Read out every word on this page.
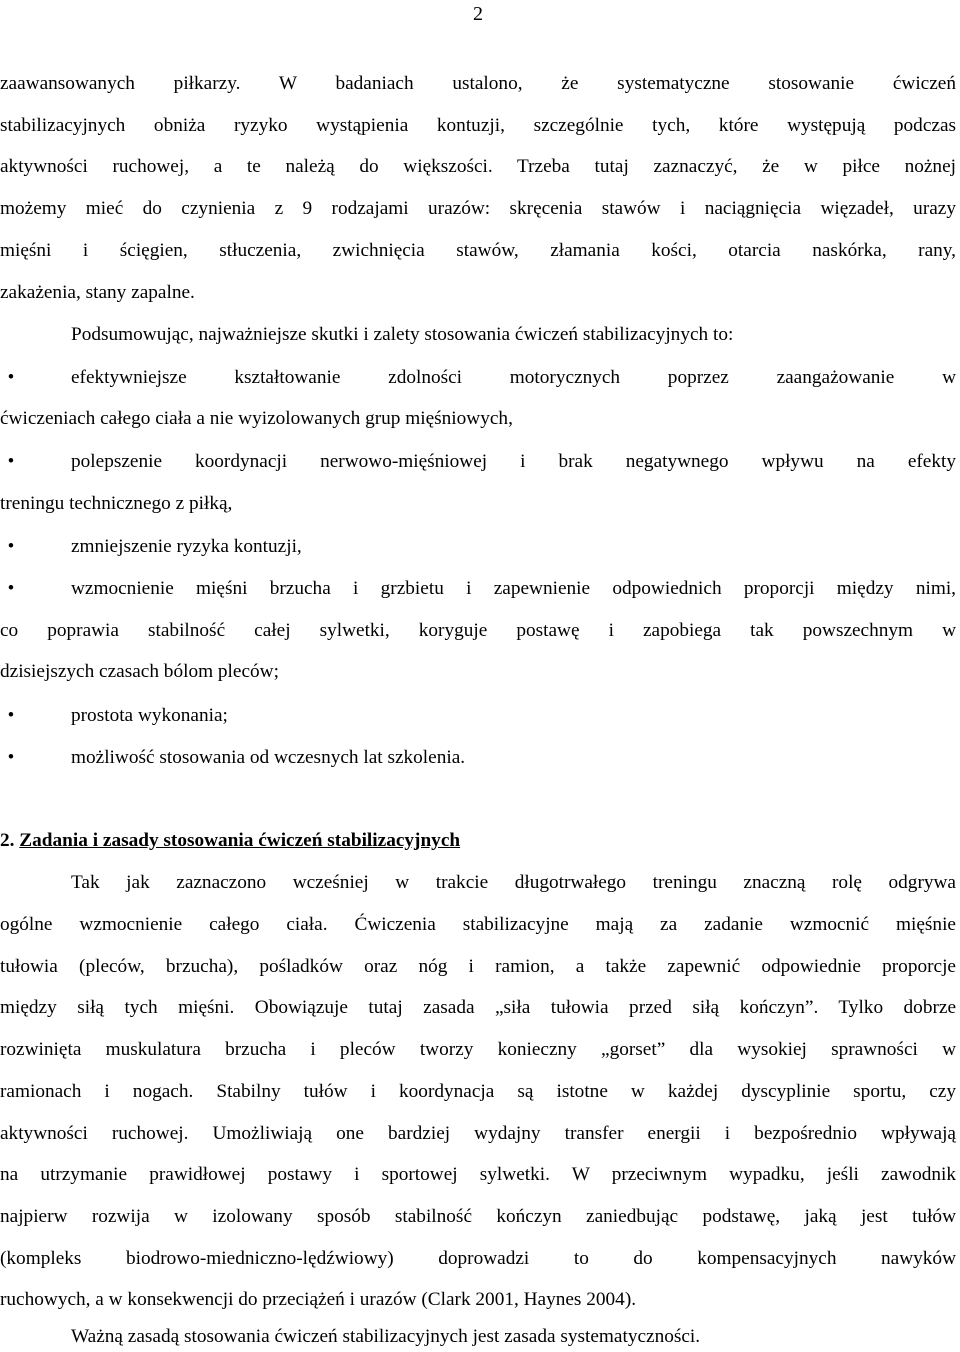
2
zaawansowanych piłkarzy. W badaniach ustalono, że systematyczne stosowanie ćwiczeń
stabilizacyjnych obniża ryzyko wystąpienia kontuzji, szczególnie tych, które występują podczas
aktywności ruchowej, a te należą do większości. Trzeba tutaj zaznaczyć, że w piłce nożnej
możemy mieć do czynienia z 9 rodzajami urazów: skręcenia stawów i naciągnięcia więzadeł, urazy
mięśni i ścięgien, stłuczenia, zwichnięcia stawów, złamania kości, otarcia naskórka, rany,
zakażenia, stany zapalne.
Podsumowując, najważniejsze skutki i zalety stosowania ćwiczeń stabilizacyjnych to:
•	efektywniejsze kształtowanie zdolności motorycznych poprzez zaangażowanie w
ćwiczeniach całego ciała a nie wyizolowanych grup mięśniowych,
•	polepszenie koordynacji nerwowo-mięśniowej i brak negatywnego wpływu na efekty
treningu technicznego z piłką,
•	zmniejszenie ryzyka kontuzji,
•	wzmocnienie mięśni brzucha i grzbietu i zapewnienie odpowiednich proporcji między nimi,
co poprawia stabilność całej sylwetki, koryguje postawę i zapobiega tak powszechnym w
dzisiejszych czasach bólom pleców;
•	prostota wykonania;
•	możliwość stosowania od wczesnych lat szkolenia.
2. Zadania i zasady stosowania ćwiczeń stabilizacyjnych
Tak jak zaznaczono wcześniej w trakcie długotrwałego treningu znaczną rolę odgrywa
ogólne wzmocnienie całego ciała. Ćwiczenia stabilizacyjne mają za zadanie wzmocnić mięśnie
tułowia (pleców, brzucha), pośladków oraz nóg i ramion, a także zapewnić odpowiednie proporcje
między siłą tych mięśni. Obowiązuje tutaj zasada „siła tułowia przed siłą kończyn”. Tylko dobrze
rozwinięta muskulatura brzucha i pleców tworzy konieczny „gorset” dla wysokiej sprawności w
ramionach i nogach. Stabilny tułów i koordynacja są istotne w każdej dyscyplinie sportu, czy
aktywności ruchowej. Umożliwiają one bardziej wydajny transfer energii i bezpośrednio wpływają
na utrzymanie prawidłowej postawy i sportowej sylwetki. W przeciwnym wypadku, jeśli zawodnik
najpierw rozwija w izolowany sposób stabilność kończyn zaniedbując podstawę, jaką jest tułów
(kompleks biodrowo-miedniczno-lędźwiowy) doprowadzi to do kompensacyjnych nawyków
ruchowych, a w konsekwencji do przeciążeń i urazów (Clark 2001, Haynes 2004).
Ważną zasadą stosowania ćwiczeń stabilizacyjnych jest zasada systematyczności.
